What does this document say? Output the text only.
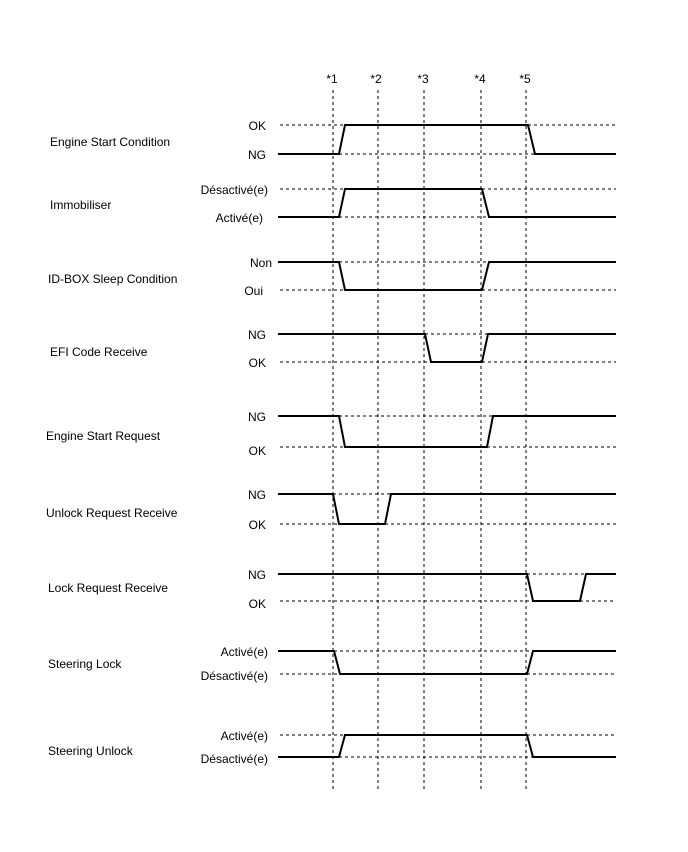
*1	*2	*3	*4	*5
Engine Start Condition
OK
NG
Immobiliser
Désactivé(e)
Activé(e)
ID-BOX Sleep Condition
Non
Oui
EFI Code Receive
NG
OK
Engine Start Request
NG
OK
Unlock Request Receive
NG
OK
Lock Request Receive
NG
OK
Steering Lock
Activé(e)
Désactivé(e)
Steering Unlock
Activé(e)
Désactivé(e)
